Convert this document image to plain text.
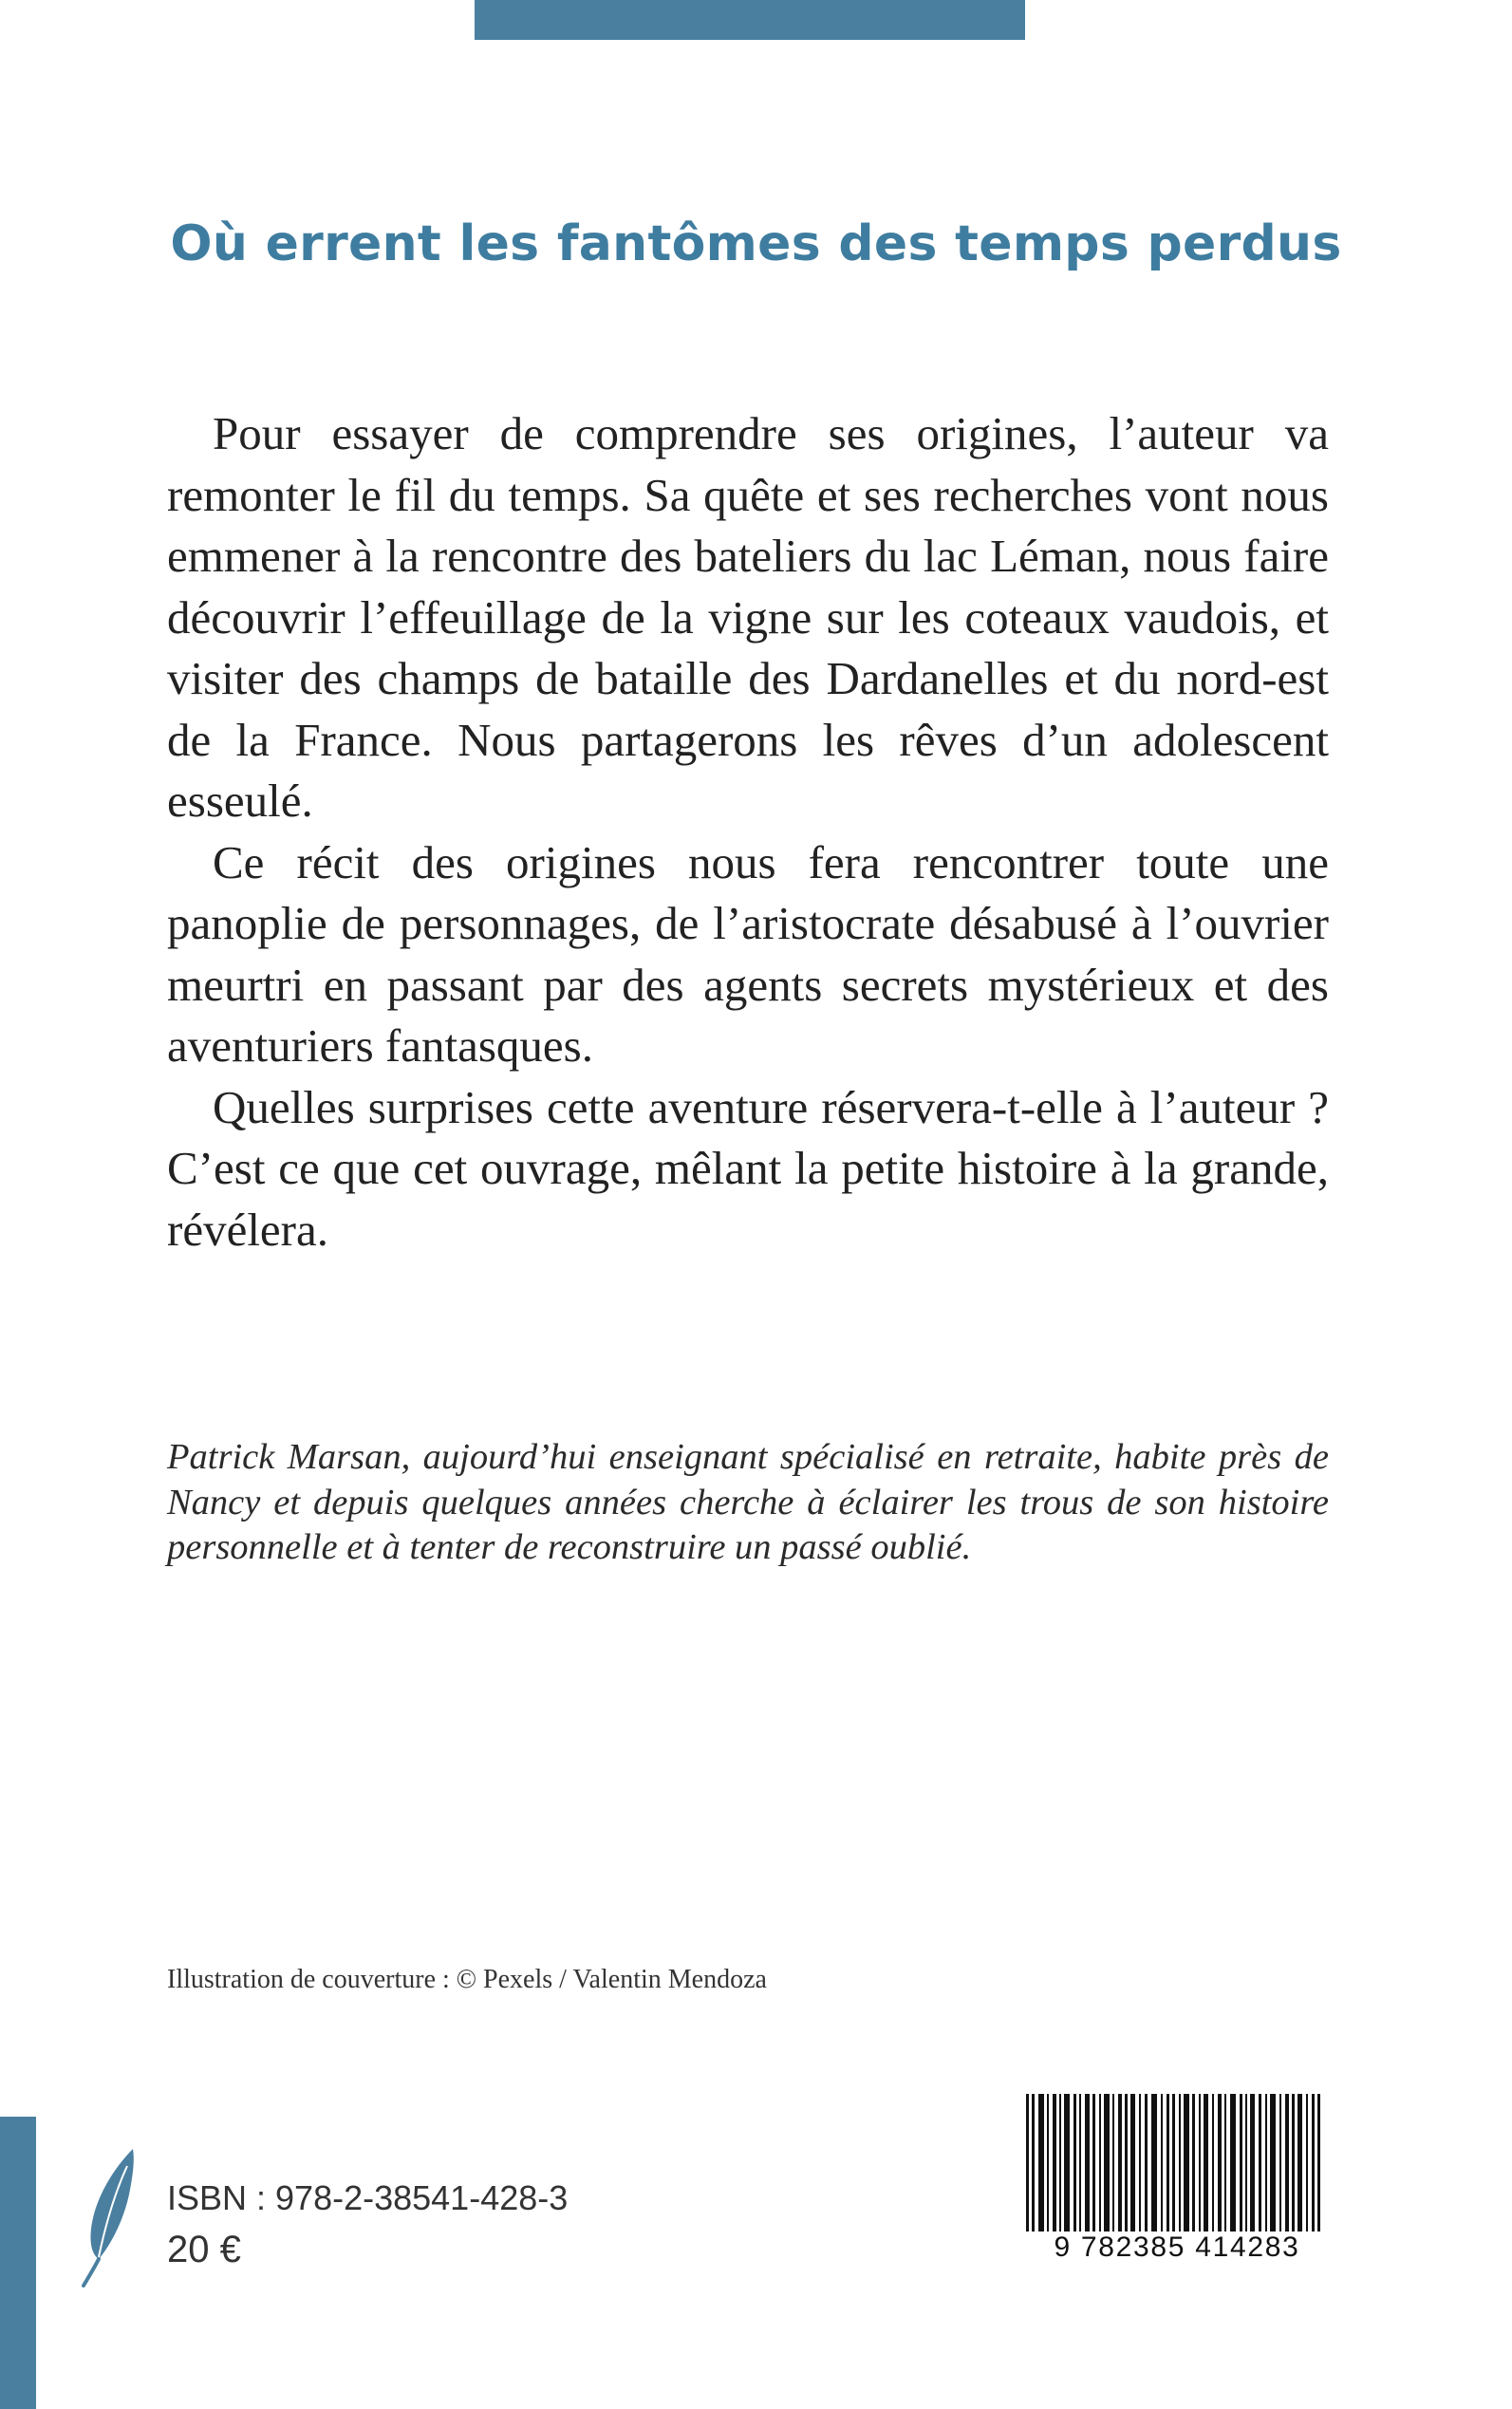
Où errent les fantômes des temps perdus

Pour essayer de comprendre ses origines, l’auteur va remonter le fil du temps. Sa quête et ses recherches vont nous emmener à la rencontre des bateliers du lac Léman, nous faire découvrir l’effeuillage de la vigne sur les coteaux vaudois, et visiter des champs de bataille des Dardanelles et du nord-est de la France. Nous partagerons les rêves d’un adolescent esseulé.

Ce récit des origines nous fera rencontrer toute une panoplie de personnages, de l’aristocrate désabusé à l’ouvrier meurtri en passant par des agents secrets mystérieux et des aventuriers fantasques.

Quelles surprises cette aventure réservera-t-elle à l’auteur ? C’est ce que cet ouvrage, mêlant la petite histoire à la grande, révélera.

Patrick Marsan, aujourd’hui enseignant spécialisé en retraite, habite près de Nancy et depuis quelques années cherche à éclairer les trous de son histoire personnelle et à tenter de reconstruire un passé oublié.

Illustration de couverture : © Pexels / Valentin Mendoza

ISBN : 978-2-38541-428-3
20 €	9 782385 414283
